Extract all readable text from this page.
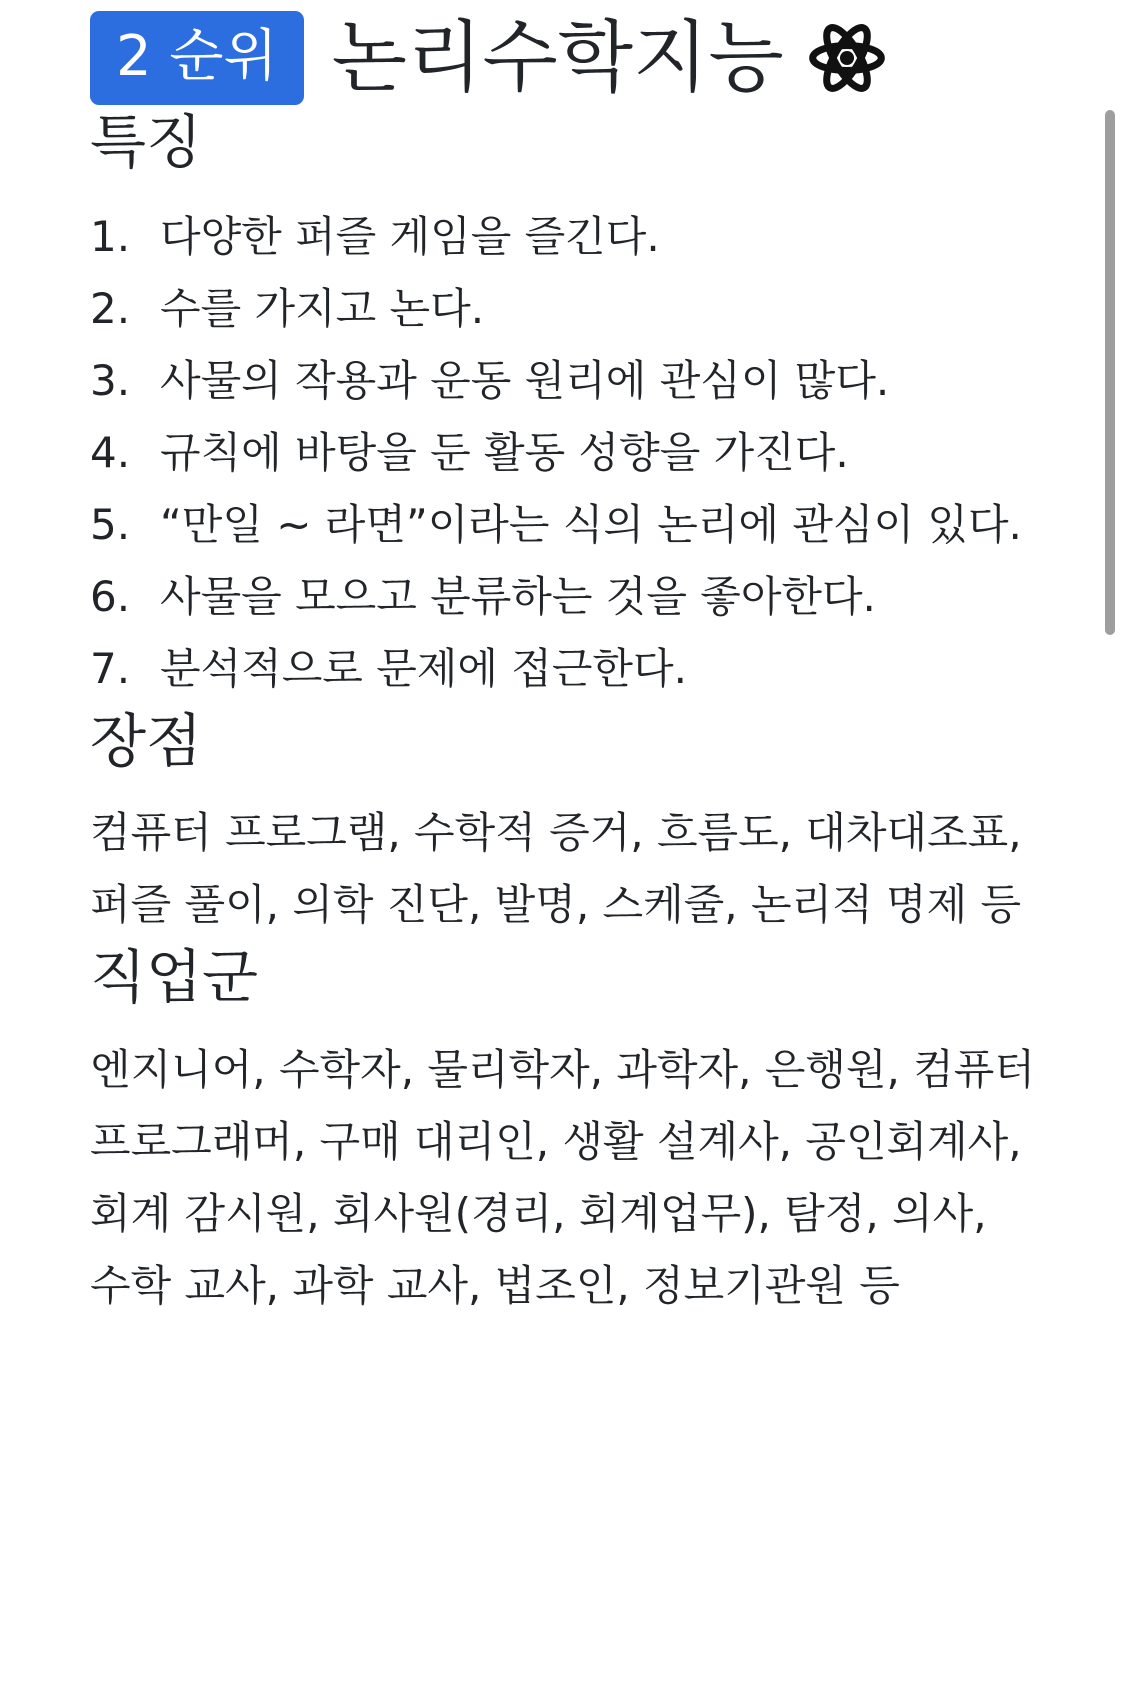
2 순위 논리수학지능
특징
1. 다양한 퍼즐 게임을 즐긴다.
2. 수를 가지고 논다.
3. 사물의 작용과 운동 원리에 관심이 많다.
4. 규칙에 바탕을 둔 활동 성향을 가진다.
5. “만일 ~ 라면”이라는 식의 논리에 관심이 있다.
6. 사물을 모으고 분류하는 것을 좋아한다.
7. 분석적으로 문제에 접근한다.
장점

컴퓨터 프로그램, 수학적 증거, 흐름도, 대차대조표, 퍼즐 풀이, 의학 진단, 발명, 스케줄, 논리적 명제 등

직업군

엔지니어, 수학자, 물리학자, 과학자, 은행원, 컴퓨터 프로그래머, 구매 대리인, 생활 설계사, 공인회계사, 회계 감시원, 회사원(경리, 회계업무), 탐정, 의사, 수학 교사, 과학 교사, 법조인, 정보기관원 등
